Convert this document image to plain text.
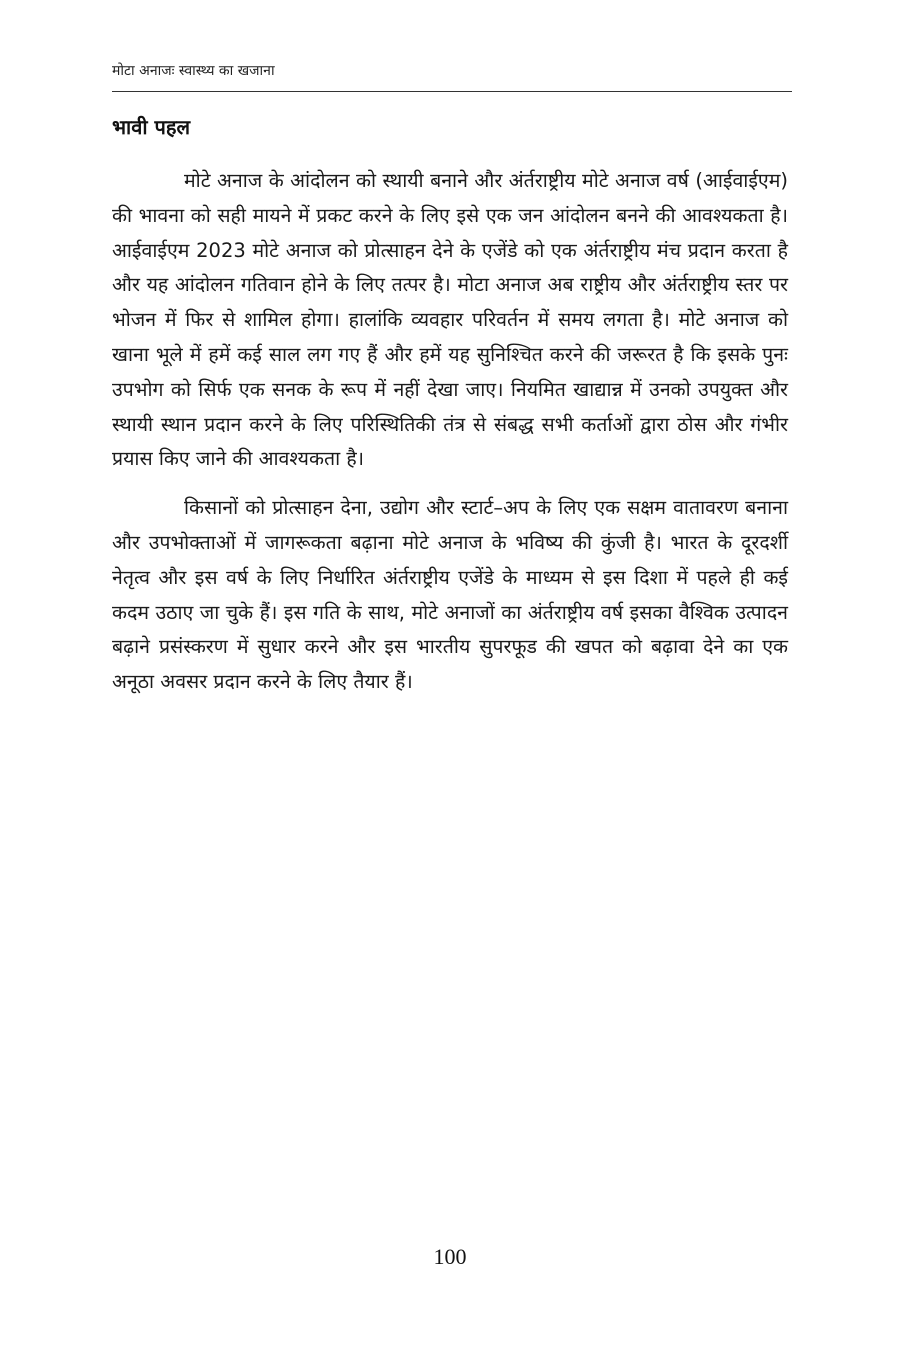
मोटा अनाजः स्वास्थ्य का खजाना
भावी पहल

मोटे अनाज के आंदोलन को स्थायी बनाने और अंर्तराष्ट्रीय मोटे अनाज वर्ष (आईवाईएम) की भावना को सही मायने में प्रकट करने के लिए इसे एक जन आंदोलन बनने की आवश्यकता है। आईवाईएम 2023 मोटे अनाज को प्रोत्साहन देने के एजेंडे को एक अंर्तराष्ट्रीय मंच प्रदान करता है और यह आंदोलन गतिवान होने के लिए तत्पर है। मोटा अनाज अब राष्ट्रीय और अंर्तराष्ट्रीय स्तर पर भोजन में फिर से शामिल होगा। हालांकि व्यवहार परिवर्तन में समय लगता है। मोटे अनाज को खाना भूले में हमें कई साल लग गए हैं और हमें यह सुनिश्चित करने की जरूरत है कि इसके पुनः उपभोग को सिर्फ एक सनक के रूप में नहीं देखा जाए। नियमित खाद्यान्न में उनको उपयुक्त और स्थायी स्थान प्रदान करने के लिए परिस्थितिकी तंत्र से संबद्ध सभी कर्ताओं द्वारा ठोस और गंभीर प्रयास किए जाने की आवश्यकता है।

किसानों को प्रोत्साहन देना, उद्योग और स्टार्ट–अप के लिए एक सक्षम वातावरण बनाना और उपभोक्ताओं में जागरूकता बढ़ाना मोटे अनाज के भविष्य की कुंजी है। भारत के दूरदर्शी नेतृत्व और इस वर्ष के लिए निर्धारित अंर्तराष्ट्रीय एजेंडे के माध्यम से इस दिशा में पहले ही कई कदम उठाए जा चुके हैं। इस गति के साथ, मोटे अनाजों का अंर्तराष्ट्रीय वर्ष इसका वैश्विक उत्पादन बढ़ाने प्रसंस्करण में सुधार करने और इस भारतीय सुपरफूड की खपत को बढ़ावा देने का एक अनूठा अवसर प्रदान करने के लिए तैयार हैं।

100
